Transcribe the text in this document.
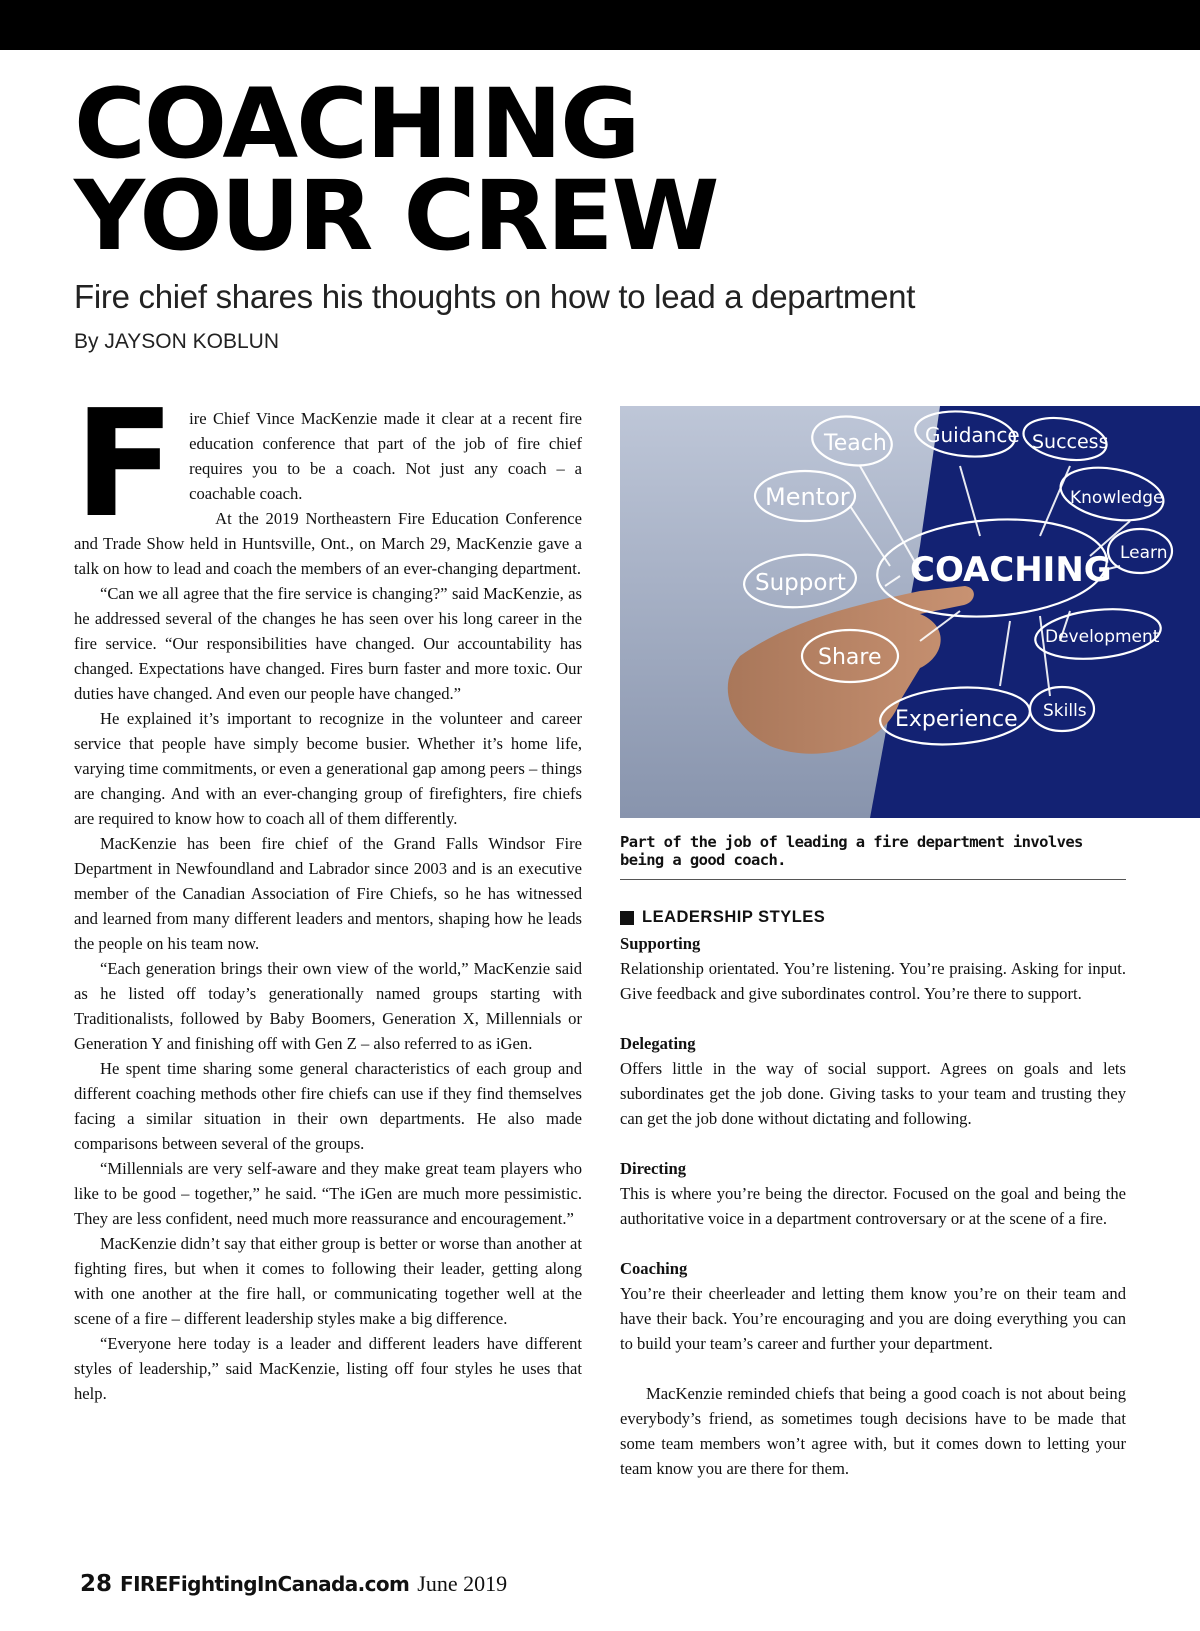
COACHING
YOUR CREW
Fire chief shares his thoughts on how to lead a department
By JAYSON KOBLUN

Fire Chief Vince MacKenzie made it clear at a recent fire education conference that part of the job of fire chief requires you to be a coach. Not just any coach – a coachable coach.

At the 2019 Northeastern Fire Education Conference and Trade Show held in Huntsville, Ont., on March 29, MacKenzie gave a talk on how to lead and coach the members of an ever-changing department.

“Can we all agree that the fire service is changing?” said MacKenzie, as he addressed several of the changes he has seen over his long career in the fire service. “Our responsibilities have changed. Our accountability has changed. Expectations have changed. Fires burn faster and more toxic. Our duties have changed. And even our people have changed.”

He explained it’s important to recognize in the volunteer and career service that people have simply become busier. Whether it’s home life, varying time commitments, or even a generational gap among peers – things are changing. And with an ever-changing group of firefighters, fire chiefs are required to know how to coach all of them differently.

MacKenzie has been fire chief of the Grand Falls Windsor Fire Department in Newfoundland and Labrador since 2003 and is an executive member of the Canadian Association of Fire Chiefs, so he has witnessed and learned from many different leaders and mentors, shaping how he leads the people on his team now.

“Each generation brings their own view of the world,” MacKenzie said as he listed off today’s generationally named groups starting with Traditionalists, followed by Baby Boomers, Generation X, Millennials or Generation Y and finishing off with Gen Z – also referred to as iGen.

He spent time sharing some general characteristics of each group and different coaching methods other fire chiefs can use if they find themselves facing a similar situation in their own departments. He also made comparisons between several of the groups.

“Millennials are very self-aware and they make great team players who like to be good – together,” he said. “The iGen are much more pessimistic. They are less confident, need much more reassurance and encouragement.”

MacKenzie didn’t say that either group is better or worse than another at fighting fires, but when it comes to following their leader, getting along with one another at the fire hall, or communicating together well at the scene of a fire – different leadership styles make a big difference.

“Everyone here today is a leader and different leaders have different styles of leadership,” said MacKenzie, listing off four styles he uses that help.

Teach Guidance Success
Mentor	Knowledge
COACHING Learn
Support
Development
Share
Skills
Experience
Part of the job of leading a fire department involves being a good coach.
LEADERSHIP STYLES
Supporting

Relationship orientated. You’re listening. You’re praising. Asking for input. Give feedback and give subordinates control. You’re there to support.

Delegating

Offers little in the way of social support. Agrees on goals and lets subordinates get the job done. Giving tasks to your team and trusting they can get the job done without dictating and following.

Directing

This is where you’re being the director. Focused on the goal and being the authoritative voice in a department controversary or at the scene of a fire.

Coaching

You’re their cheerleader and letting them know you’re on their team and have their back. You’re encouraging and you are doing everything you can to build your team’s career and further your department.

MacKenzie reminded chiefs that being a good coach is not about being everybody’s friend, as sometimes tough decisions have to be made that some team members won’t agree with, but it comes down to letting your team know you are there for them.

28 FIREFightingInCanada.com June 2019
